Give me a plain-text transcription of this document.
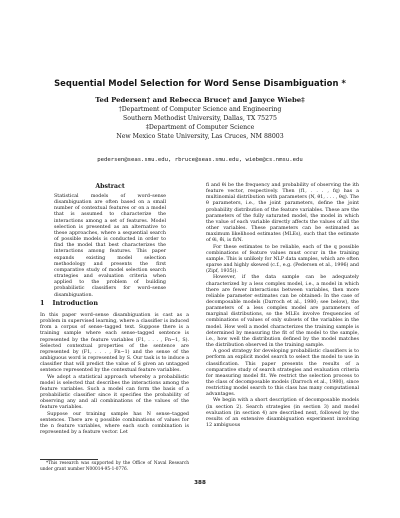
Sequential Model Selection for Word Sense Disambiguation *
Ted Pedersen† and Rebecca Bruce† and Janyce Wiebe‡
†Department of Computer Science and Engineering
Southern Methodist University, Dallas, TX 75275
‡Department of Computer Science
New Mexico State University, Las Cruces, NM 88003
pedersen@seas.smu.edu, rbruce@seas.smu.edu, wiebe@cs.nmsu.edu
Abstract
Statistical models of word–sense disambiguation are often based on a small number of contextual features or on a model that is assumed to characterize the interactions among a set of features. Model selection is presented as an alternative to these approaches, where a sequential search of possible models is conducted in order to find the model that best characterizes the interactions among features. This paper expands existing model selection methodology and presents the first comparative study of model selection search strategies and evaluation criteria when applied to the problem of building probabilistic classifiers for word–sense disambiguation.
1 Introduction

In this paper word–sense disambiguation is cast as a problem in supervised learning, where a classifier is induced from a corpus of sense–tagged text. Suppose there is a training sample where each sense–tagged sentence is represented by the feature variables (F1, . . . , Fn−1, S). Selected contextual properties of the sentence are represented by (F1, . . . , Fn−1) and the sense of the ambiguous word is represented by S. Our task is to induce a classifier that will predict the value of S given an untagged sentence represented by the contextual feature variables.

We adopt a statistical approach whereby a probabilistic model is selected that describes the interactions among the feature variables. Such a model can form the basis of a probabilistic classifier since it specifies the probability of observing any and all combinations of the values of the feature variables.

Suppose our training sample has N sense–tagged sentences. There are q possible combinations of values for the n feature variables, where each such combination is represented by a feature vector. Let

*This research was supported by the Office of Naval Research under grant number N00014-95-1-0776.

fi and θi be the frequency and probability of observing the ith feature vector, respectively. Then (f1, . . . , fq) has a multinomial distribution with parameters (N, θ1, . . . , θq). The θ parameters, i.e., the joint parameters, define the joint probability distribution of the feature variables. These are the parameters of the fully saturated model, the model in which the value of each variable directly affects the values of all the other variables. These parameters can be estimated as maximum likelihood estimates (MLEs), such that the estimate of θi, θ̂i, is fi/N.

For these estimates to be reliable, each of the q possible combinations of feature values must occur in the training sample. This is unlikely for NLP data samples, which are often sparse and highly skewed (c.f., e.g. (Pedersen et al., 1996) and (Zipf, 1935)).

However, if the data sample can be adequately characterized by a less complex model, i.e., a model in which there are fewer interactions between variables, then more reliable parameter estimates can be obtained: In the case of decomposable models (Darroch et al., 1980; see below), the parameters of a less complex model are parameters of marginal distributions, so the MLEs involve frequencies of combinations of values of only subsets of the variables in the model. How well a model characterizes the training sample is determined by measuring the fit of the model to the sample, i.e., how well the distribution defined by the model matches the distribution observed in the training sample.

A good strategy for developing probabilistic classifiers is to perform an explicit model search to select the model to use in classification. This paper presents the results of a comparative study of search strategies and evaluation criteria for measuring model fit. We restrict the selection process to the class of decomposable models (Darroch et al., 1980), since restricting model search to this class has many computational advantages.

We begin with a short description of decomposable models (in section 2). Search strategies (in section 3) and model evaluation (in section 4) are described next, followed by the results of an extensive disambiguation experiment involving 12 ambiguous

388
